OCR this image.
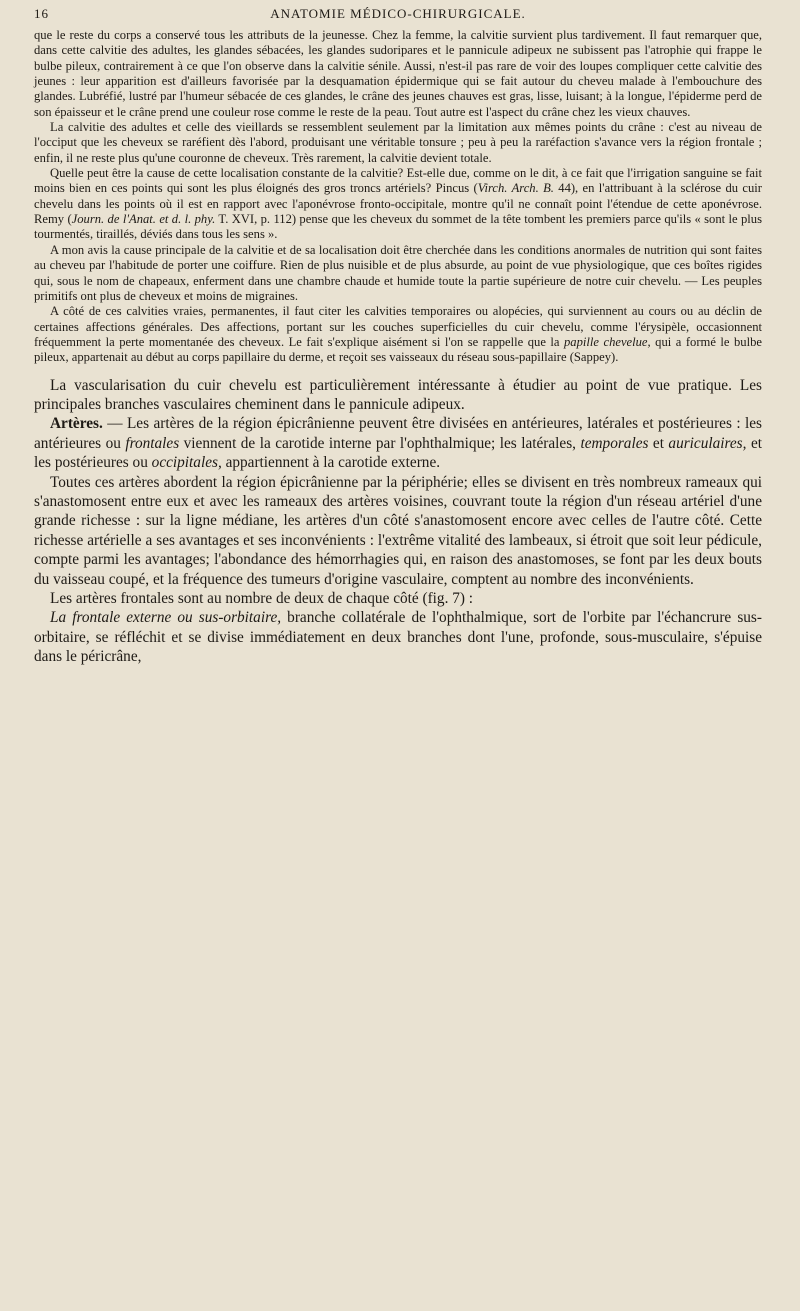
16	ANATOMIE MÉDICO-CHIRURGICALE.

que le reste du corps a conservé tous les attributs de la jeunesse. Chez la femme, la calvitie survient plus tardivement. Il faut remarquer que, dans cette calvitie des adultes, les glandes sébacées, les glandes sudoripares et le pannicule adipeux ne subissent pas l'atrophie qui frappe le bulbe pileux, contrairement à ce que l'on observe dans la calvitie sénile. Aussi, n'est-il pas rare de voir des loupes compliquer cette calvitie des jeunes : leur apparition est d'ailleurs favorisée par la desquamation épidermique qui se fait autour du cheveu malade à l'embouchure des glandes. Lubréfié, lustré par l'humeur sébacée de ces glandes, le crâne des jeunes chauves est gras, lisse, luisant; à la longue, l'épiderme perd de son épaisseur et le crâne prend une couleur rose comme le reste de la peau. Tout autre est l'aspect du crâne chez les vieux chauves.

La calvitie des adultes et celle des vieillards se ressemblent seulement par la limitation aux mêmes points du crâne : c'est au niveau de l'occiput que les cheveux se raréfient dès l'abord, produisant une véritable tonsure ; peu à peu la raréfaction s'avance vers la région frontale ; enfin, il ne reste plus qu'une couronne de cheveux. Très rarement, la calvitie devient totale.

Quelle peut être la cause de cette localisation constante de la calvitie? Est-elle due, comme on le dit, à ce fait que l'irrigation sanguine se fait moins bien en ces points qui sont les plus éloignés des gros troncs artériels? Pincus (Virch. Arch. B. 44), en l'attribuant à la sclérose du cuir chevelu dans les points où il est en rapport avec l'aponévrose fronto-occipitale, montre qu'il ne connaît point l'étendue de cette aponévrose. Remy (Journ. de l'Anat. et d. l. phy. T. XVI, p. 112) pense que les cheveux du sommet de la tête tombent les premiers parce qu'ils « sont le plus tourmentés, tiraillés, déviés dans tous les sens ».

A mon avis la cause principale de la calvitie et de sa localisation doit être cherchée dans les conditions anormales de nutrition qui sont faites au cheveu par l'habitude de porter une coiffure. Rien de plus nuisible et de plus absurde, au point de vue physiologique, que ces boîtes rigides qui, sous le nom de chapeaux, enferment dans une chambre chaude et humide toute la partie supérieure de notre cuir chevelu. — Les peuples primitifs ont plus de cheveux et moins de migraines.

A côté de ces calvities vraies, permanentes, il faut citer les calvities temporaires ou alopécies, qui surviennent au cours ou au déclin de certaines affections générales. Des affections, portant sur les couches superficielles du cuir chevelu, comme l'érysipèle, occasionnent fréquemment la perte momentanée des cheveux. Le fait s'explique aisément si l'on se rappelle que la papille chevelue, qui a formé le bulbe pileux, appartenait au début au corps papillaire du derme, et reçoit ses vaisseaux du réseau sous-papillaire (Sappey).

La vascularisation du cuir chevelu est particulièrement intéressante à étudier au point de vue pratique. Les principales branches vasculaires cheminent dans le pannicule adipeux.

Artères. — Les artères de la région épicrânienne peuvent être divisées en antérieures, latérales et postérieures : les antérieures ou frontales viennent de la carotide interne par l'ophthalmique; les latérales, temporales et auriculaires, et les postérieures ou occipitales, appartiennent à la carotide externe.

Toutes ces artères abordent la région épicrânienne par la périphérie; elles se divisent en très nombreux rameaux qui s'anastomosent entre eux et avec les rameaux des artères voisines, couvrant toute la région d'un réseau artériel d'une grande richesse : sur la ligne médiane, les artères d'un côté s'anastomosent encore avec celles de l'autre côté. Cette richesse artérielle a ses avantages et ses inconvénients : l'extrême vitalité des lambeaux, si étroit que soit leur pédicule, compte parmi les avantages; l'abondance des hémorrhagies qui, en raison des anastomoses, se font par les deux bouts du vaisseau coupé, et la fréquence des tumeurs d'origine vasculaire, comptent au nombre des inconvénients.

Les artères frontales sont au nombre de deux de chaque côté (fig. 7) :

La frontale externe ou sus-orbitaire, branche collatérale de l'ophthalmique, sort de l'orbite par l'échancrure sus-orbitaire, se réfléchit et se divise immédiatement en deux branches dont l'une, profonde, sous-musculaire, s'épuise dans le péricrâne,
